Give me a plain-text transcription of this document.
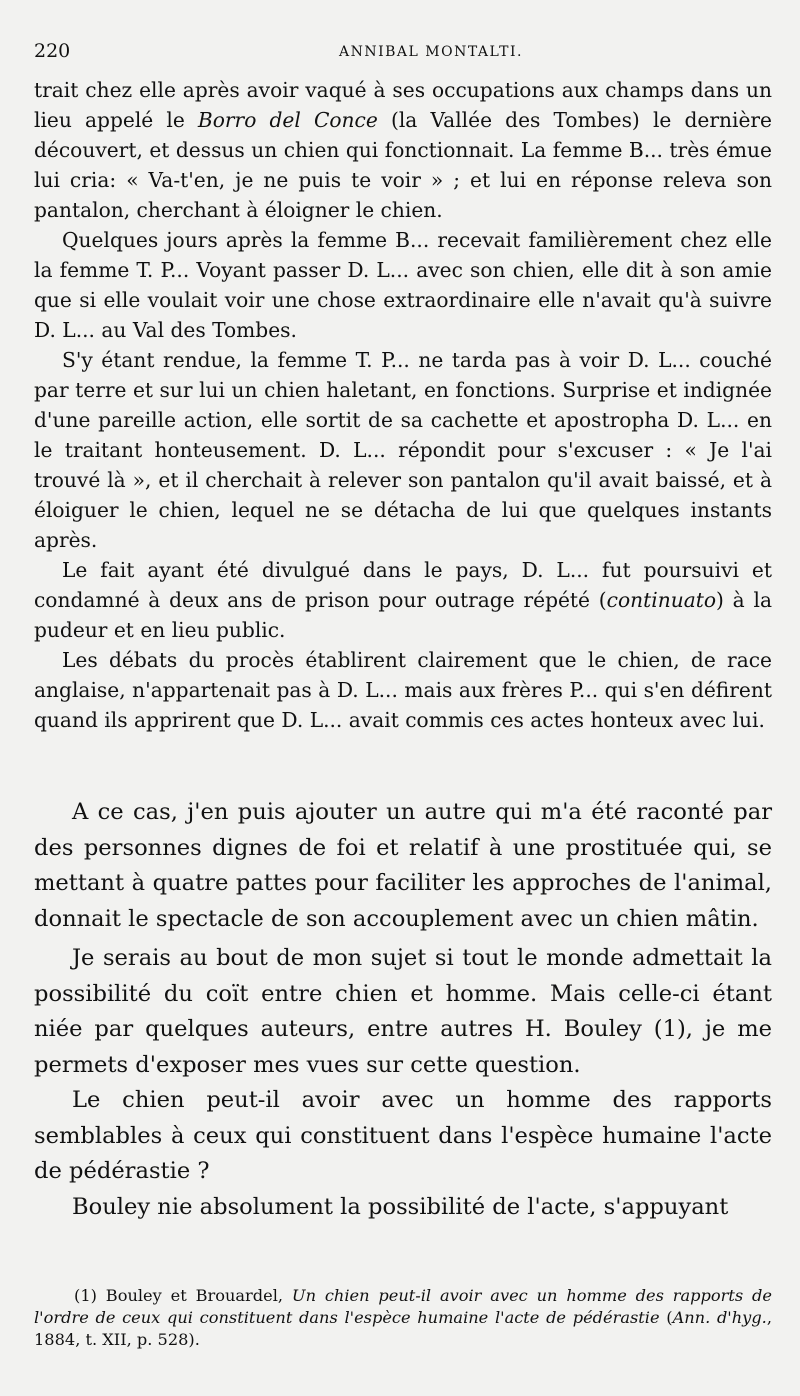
220	ANNIBAL MONTALTI.

trait chez elle après avoir vaqué à ses occupations aux champs dans un lieu appelé le Borro del Conce (la Vallée des Tombes) le dernière découvert, et dessus un chien qui fonctionnait. La femme B... très émue lui cria: « Va-t'en, je ne puis te voir » ; et lui en réponse releva son pantalon, cherchant à éloigner le chien.

Quelques jours après la femme B... recevait familièrement chez elle la femme T. P... Voyant passer D. L... avec son chien, elle dit à son amie que si elle voulait voir une chose extraordinaire elle n'avait qu'à suivre D. L... au Val des Tombes.

S'y étant rendue, la femme T. P... ne tarda pas à voir D. L... couché par terre et sur lui un chien haletant, en fonctions. Surprise et indignée d'une pareille action, elle sortit de sa cachette et apostropha D. L... en le traitant honteusement. D. L... répondit pour s'excuser : « Je l'ai trouvé là », et il cherchait à relever son pantalon qu'il avait baissé, et à éloiguer le chien, lequel ne se détacha de lui que quelques instants après.

Le fait ayant été divulgué dans le pays, D. L... fut poursuivi et condamné à deux ans de prison pour outrage répété (continuato) à la pudeur et en lieu public.

Les débats du procès établirent clairement que le chien, de race anglaise, n'appartenait pas à D. L... mais aux frères P... qui s'en défirent quand ils apprirent que D. L... avait commis ces actes honteux avec lui.

A ce cas, j'en puis ajouter un autre qui m'a été raconté par des personnes dignes de foi et relatif à une prostituée qui, se mettant à quatre pattes pour faciliter les approches de l'animal, donnait le spectacle de son accouplement avec un chien mâtin.

Je serais au bout de mon sujet si tout le monde admettait la possibilité du coït entre chien et homme. Mais celle-ci étant niée par quelques auteurs, entre autres H. Bouley (1), je me permets d'exposer mes vues sur cette question.

Le chien peut-il avoir avec un homme des rapports semblables à ceux qui constituent dans l'espèce humaine l'acte de pédérastie ?

Bouley nie absolument la possibilité de l'acte, s'appuyant

(1) Bouley et Brouardel, Un chien peut-il avoir avec un homme des rapports de l'ordre de ceux qui constituent dans l'espèce humaine l'acte de pédérastie (Ann. d'hyg., 1884, t. XII, p. 528).
